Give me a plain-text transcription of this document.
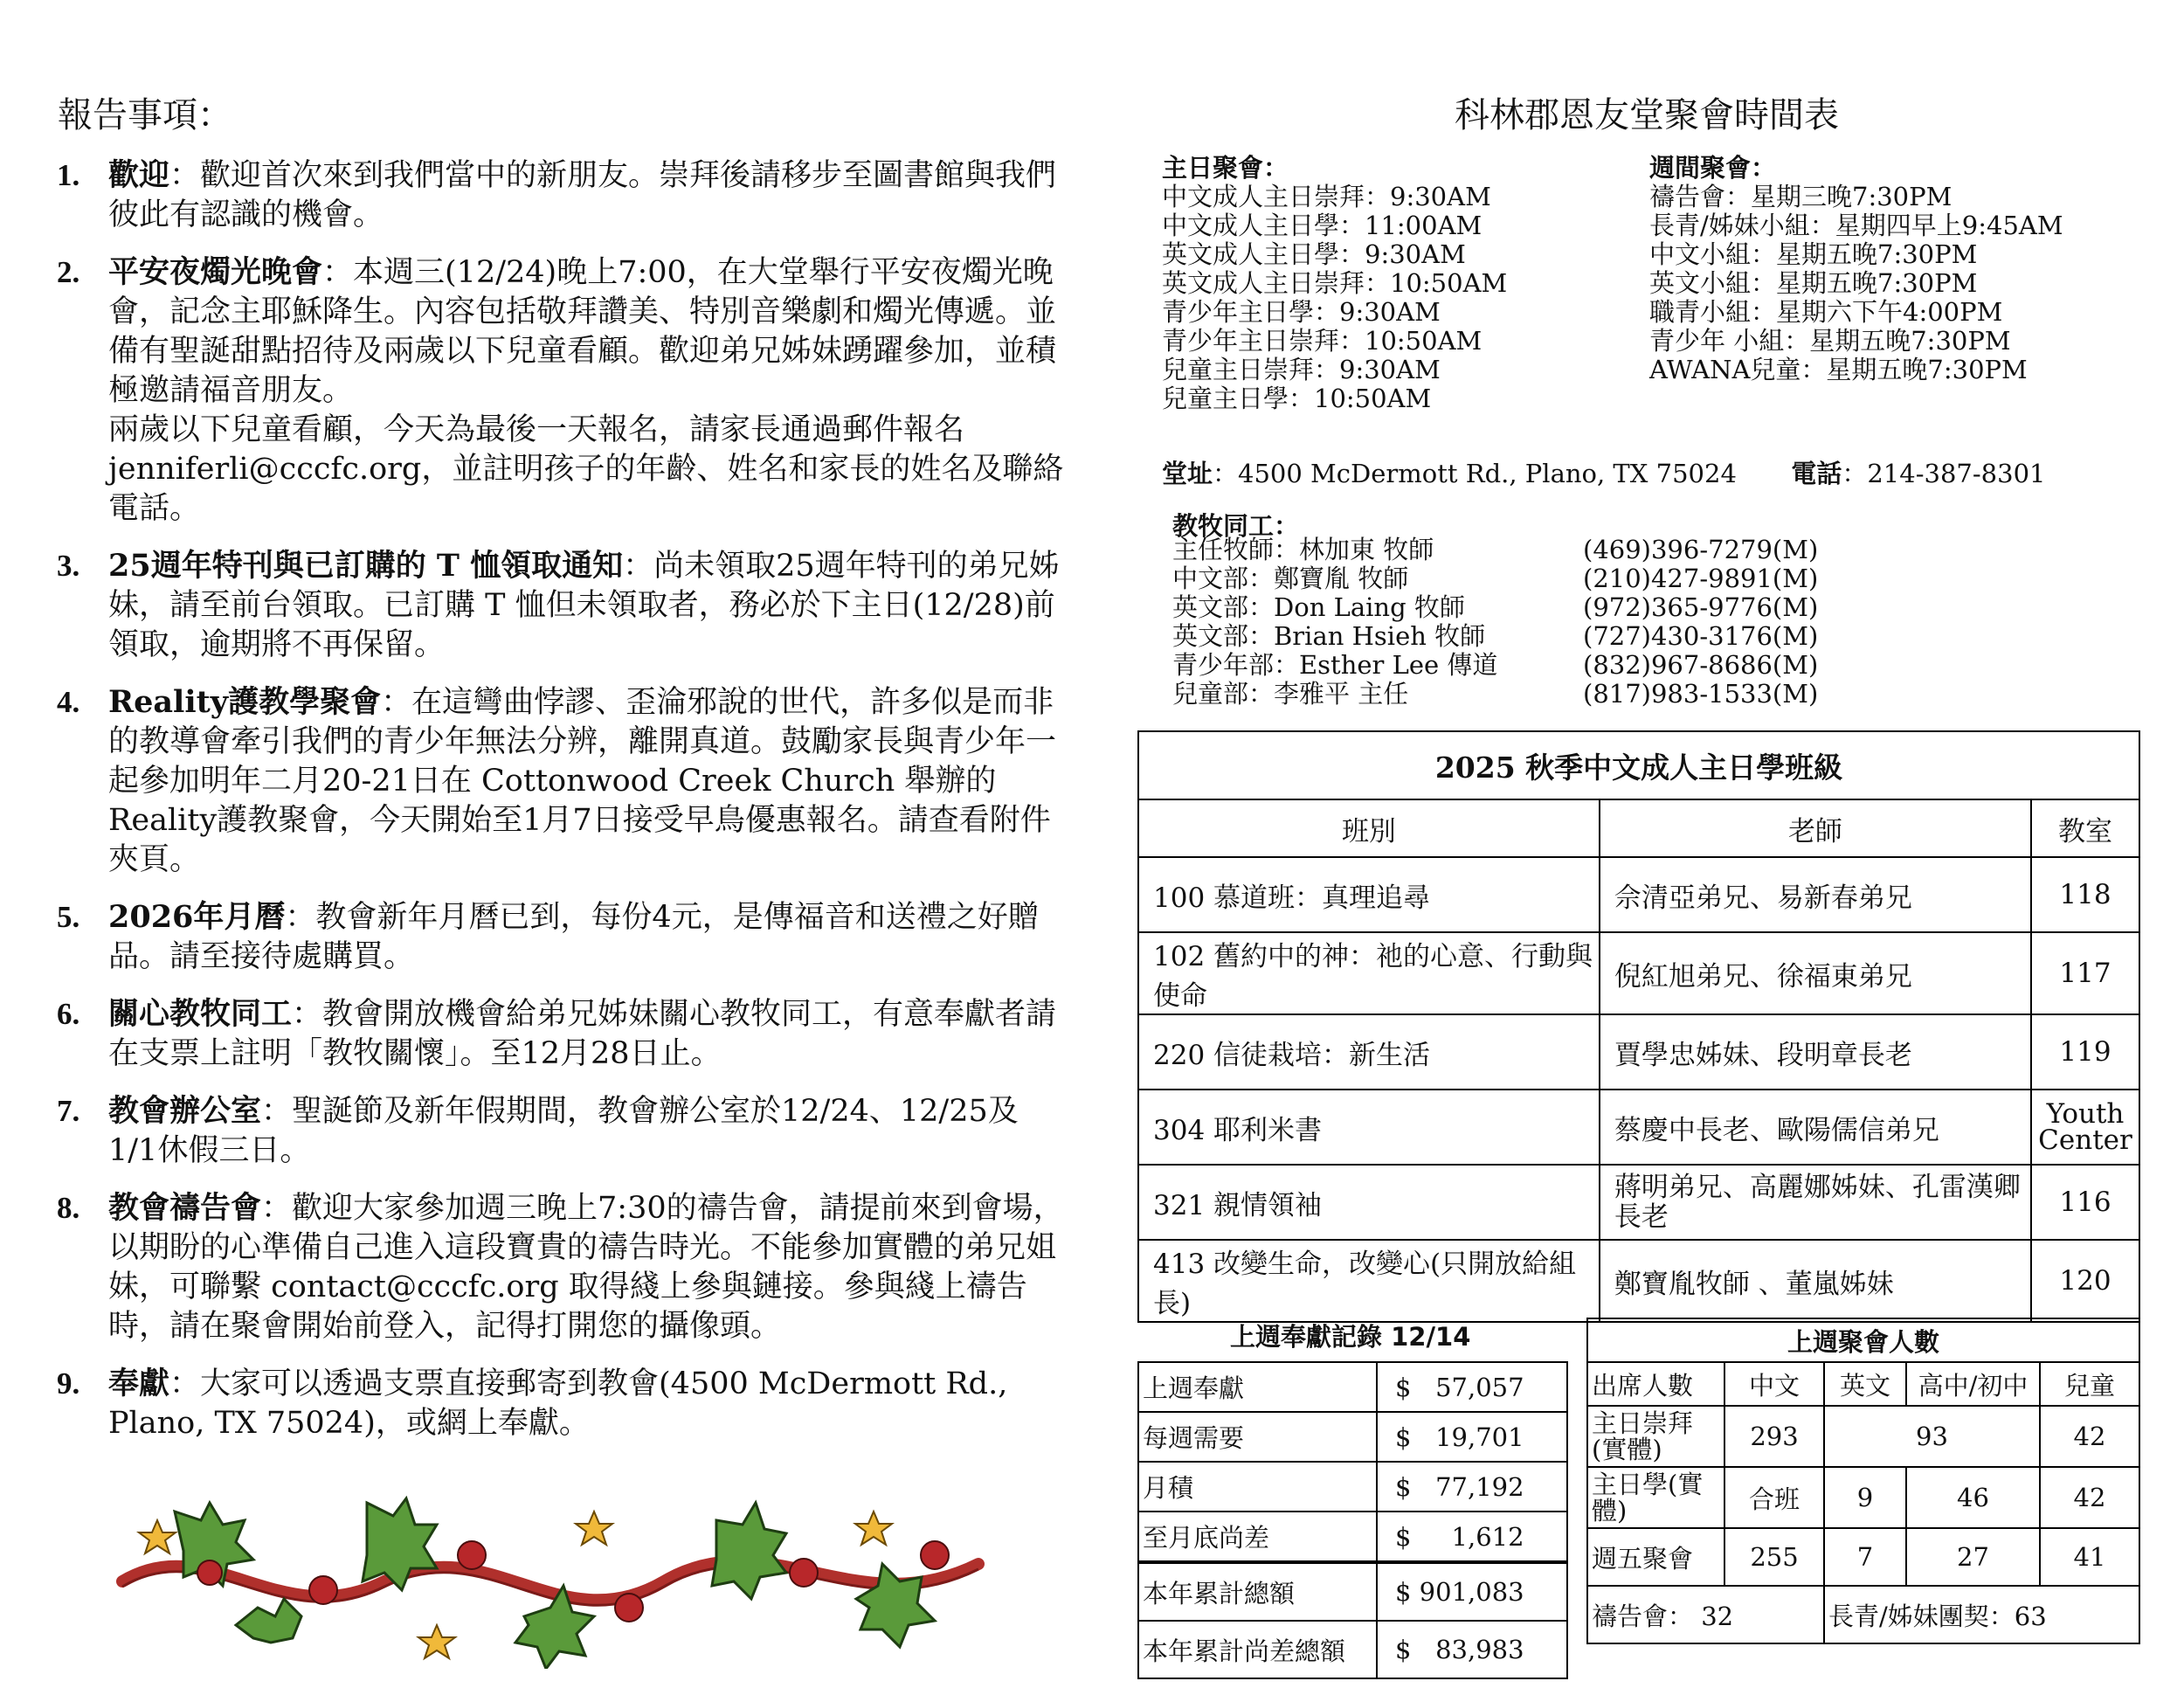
報告事項：
1. 歡迎：歡迎首次來到我們當中的新朋友。崇拜後請移步至圖書館與我們彼此有認識的機會。
2. 平安夜燭光晚會：本週三(12/24)晚上7:00，在大堂舉行平安夜燭光晚會，記念主耶穌降生。內容包括敬拜讚美、特別音樂劇和燭光傳遞。並備有聖誕甜點招待及兩歲以下兒童看顧。歡迎弟兄姊妹踴躍參加，並積極邀請福音朋友。
兩歲以下兒童看顧，今天為最後一天報名，請家長通過郵件報名 jenniferli@cccfc.org，並註明孩子的年齡、姓名和家長的姓名及聯絡電話。
3. 25週年特刊與已訂購的 T 恤領取通知：尚未領取25週年特刊的弟兄姊妹，請至前台領取。已訂購 T 恤但未領取者，務必於下主日(12/28)前領取，逾期將不再保留。
4. Reality護教學聚會：在這彎曲悖謬、歪淪邪說的世代，許多似是而非的教導會牽引我們的青少年無法分辨，離開真道。鼓勵家長與青少年一起參加明年二月20-21日在 Cottonwood Creek Church 舉辦的Reality護教聚會，今天開始至1月7日接受早鳥優惠報名。請查看附件夾頁。
5. 2026年月曆：教會新年月曆已到，每份4元，是傳福音和送禮之好贈品。請至接待處購買。
6. 關心教牧同工：教會開放機會給弟兄姊妹關心教牧同工，有意奉獻者請在支票上註明「教牧關懷」。至12月28日止。
7. 教會辦公室：聖誕節及新年假期間，教會辦公室於12/24、12/25及1/1休假三日。
8. 教會禱告會：歡迎大家參加週三晚上7:30的禱告會，請提前來到會場，以期盼的心準備自己進入這段寶貴的禱告時光。不能參加實體的弟兄姐妹，可聯繫 contact@cccfc.org 取得綫上參與鏈接。參與綫上禱告時，請在聚會開始前登入，記得打開您的攝像頭。
9. 奉獻：大家可以透過支票直接郵寄到教會(4500 McDermott Rd., Plano, TX 75024)，或網上奉獻。
科林郡恩友堂聚會時間表
主日聚會：
中文成人主日崇拜：9:30AM
中文成人主日學：11:00AM
英文成人主日學：9:30AM
英文成人主日崇拜：10:50AM
青少年主日學：9:30AM
青少年主日崇拜：10:50AM
兒童主日崇拜：9:30AM
兒童主日學：10:50AM
週間聚會：
禱告會：星期三晚7:30PM
長青/姊妹小組：星期四早上9:45AM
中文小組：星期五晚7:30PM
英文小組：星期五晚7:30PM
職青小組：星期六下午4:00PM
青少年 小組：星期五晚7:30PM
AWANA兒童：星期五晚7:30PM
堂址：4500 McDermott Rd., Plano, TX 75024 電話：214-387-8301
教牧同工：
主任牧師：林加東 牧師	(469)396-7279(M)
中文部：鄭寶胤 牧師	(210)427-9891(M)
英文部：Don Laing 牧師	(972)365-9776(M)
英文部：Brian Hsieh 牧師	(727)430-3176(M)
青少年部：Esther Lee 傳道	(832)967-8686(M)
兒童部：李雅平 主任	(817)983-1533(M)
2025 秋季中文成人主日學班級		
班別	老師	教室
100 慕道班：真理追尋	佘清亞弟兄、易新春弟兄	118
102 舊約中的神：祂的心意、行動與使命	倪紅旭弟兄、徐福東弟兄	117
220 信徒栽培：新生活	賈學忠姊妹、段明章長老	119
304 耶利米書	蔡慶中長老、歐陽儒信弟兄	Youth Center
321 親情領袖	蔣明弟兄、高麗娜姊妹、孔雷漢卿長老	116
413 改變生命，改變心(只開放給組長)	鄭寶胤牧師 、董嵐姊妹	120
上週奉獻記錄 12/14
上週奉獻	$ 57,057
每週需要	$ 19,701
月積	$ 77,192
至月底尚差	$ 1,612
本年累計總額	$ 901,083
本年累計尚差總額	$ 83,983
上週聚會人數				
出席人數	中文	英文	高中/初中	兒童
主日崇拜(實體)	293	93		42
主日學(實體)	合班	9	46	42
週五聚會	255	7	27	41
禱告會： 32		長青/姊妹團契：63		
